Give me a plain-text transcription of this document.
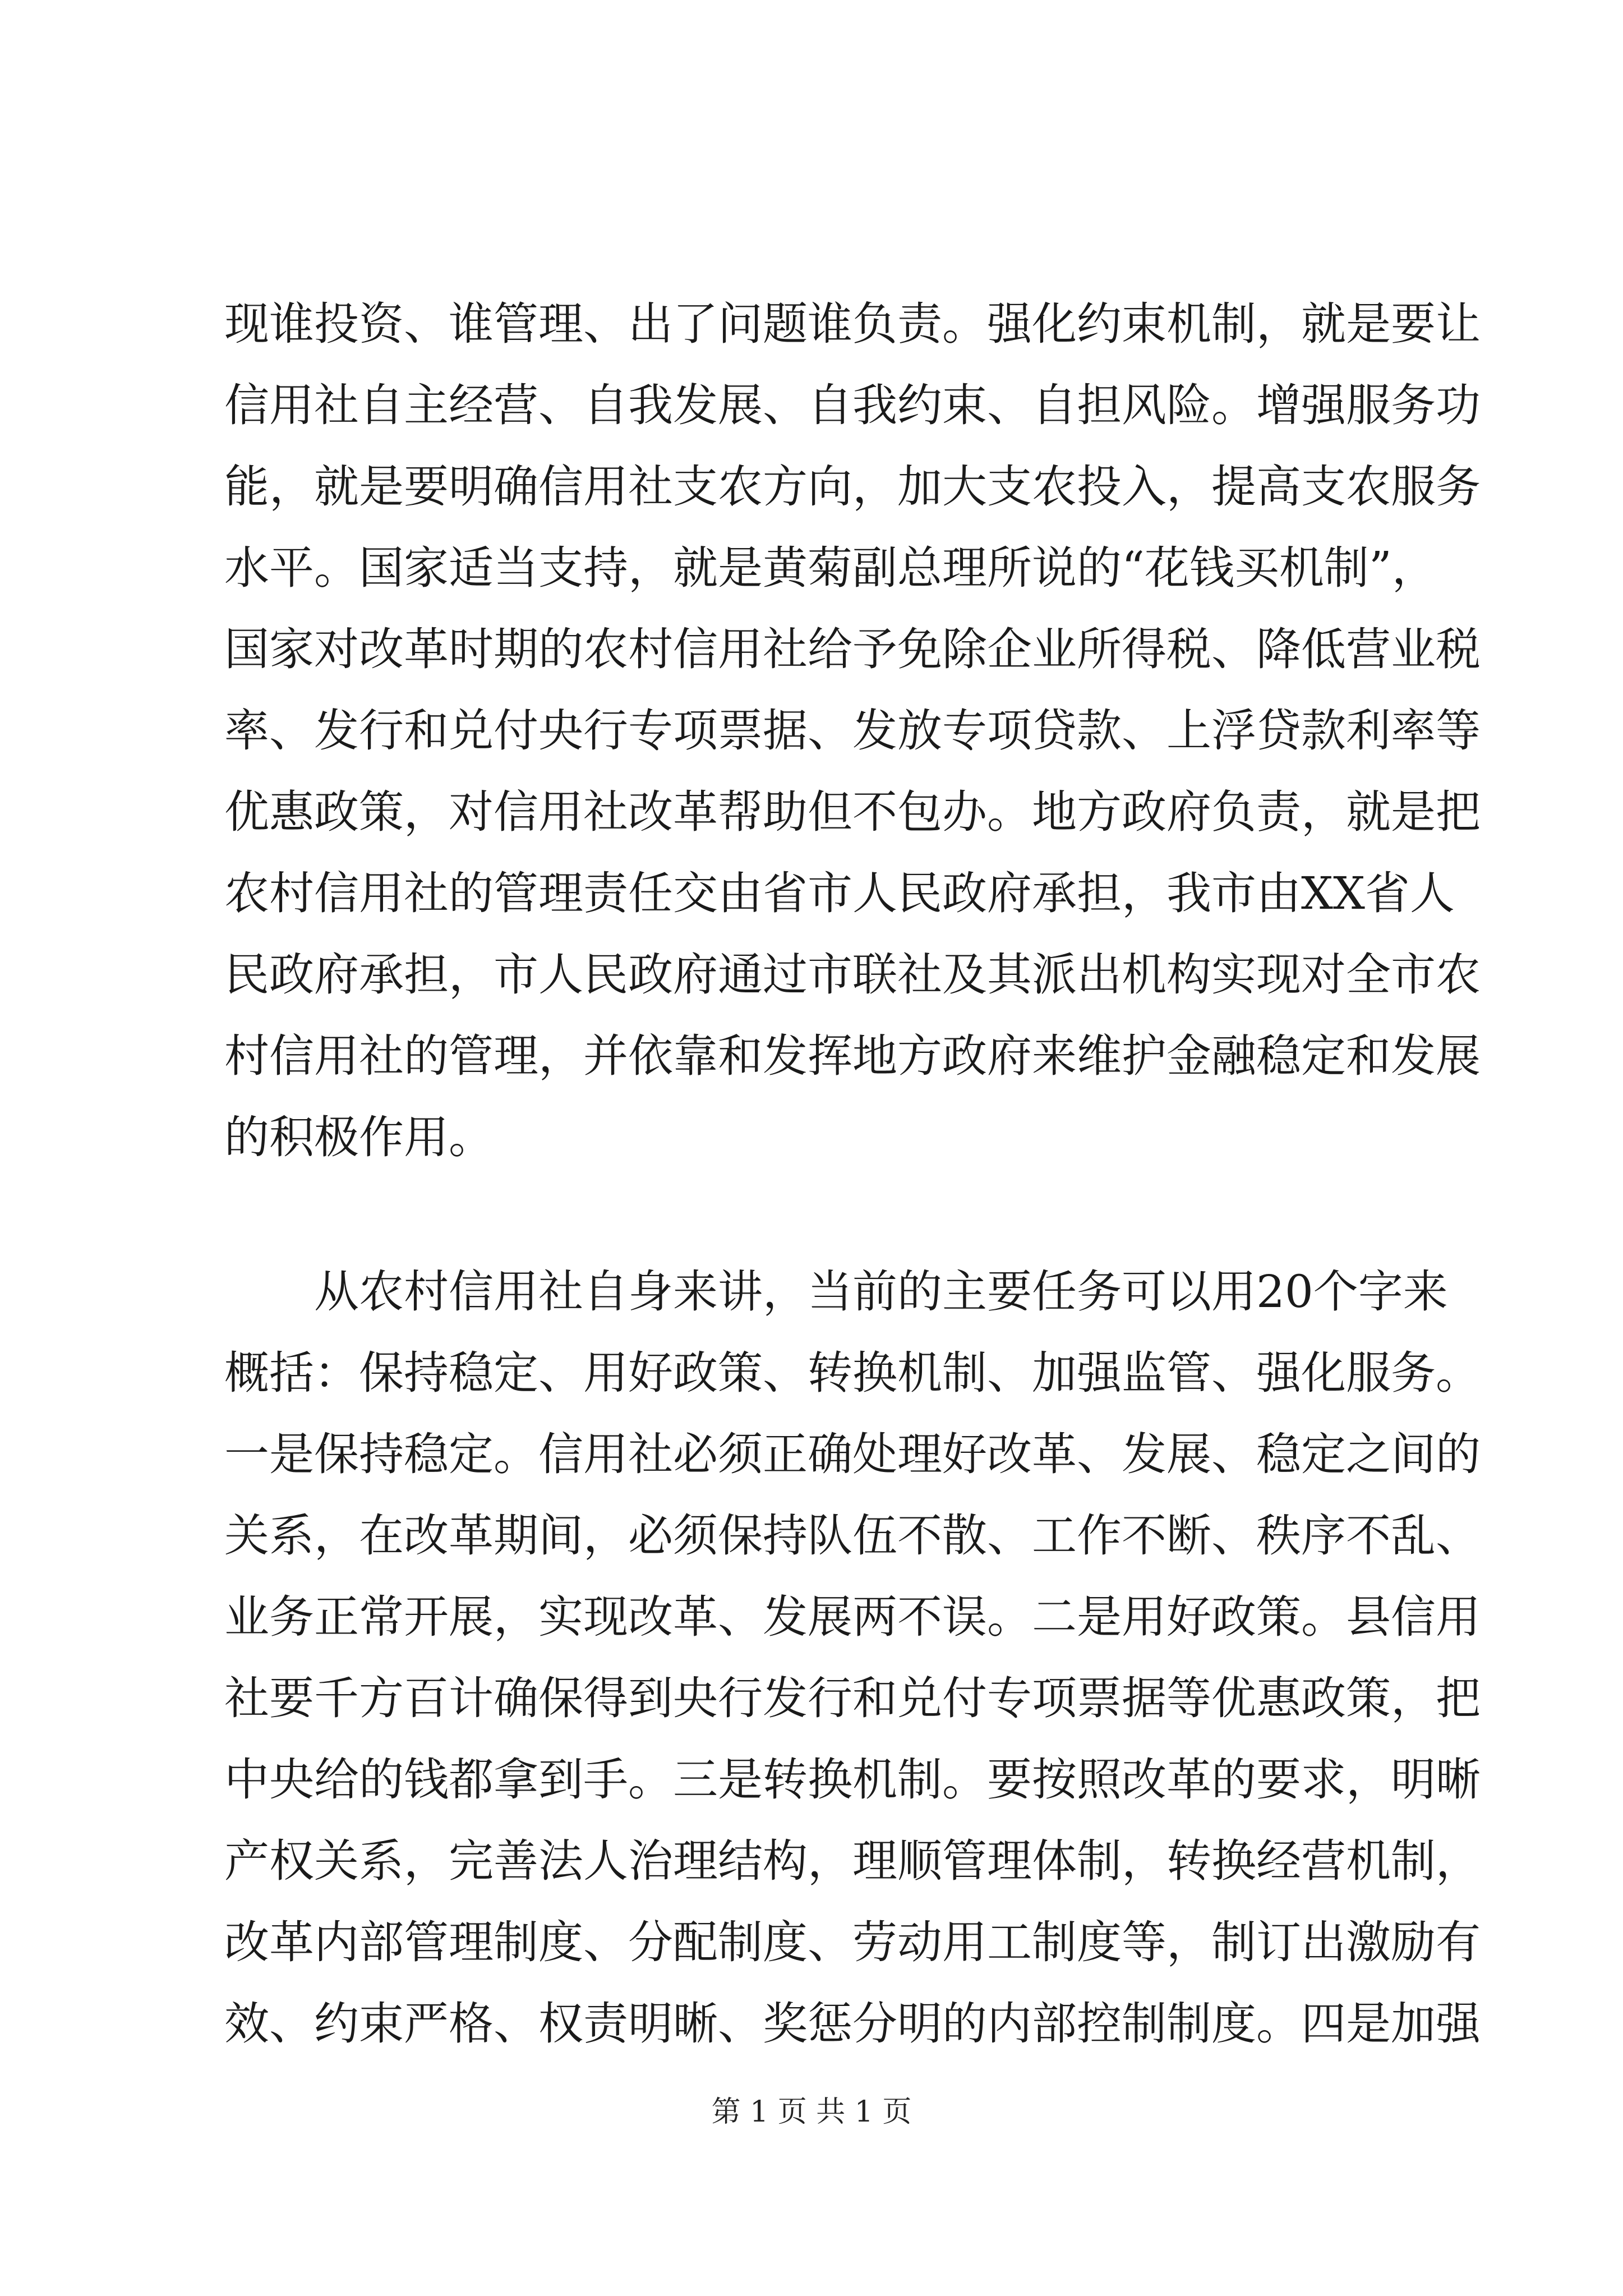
现谁投资、谁管理、出了问题谁负责。强化约束机制，就是要让
信用社自主经营、自我发展、自我约束、自担风险。增强服务功
能，就是要明确信用社支农方向，加大支农投入，提高支农服务
水平。国家适当支持，就是黄菊副总理所说的“花钱买机制”，
国家对改革时期的农村信用社给予免除企业所得税、降低营业税
率、发行和兑付央行专项票据、发放专项贷款、上浮贷款利率等
优惠政策，对信用社改革帮助但不包办。地方政府负责，就是把
农村信用社的管理责任交由省市人民政府承担，我市由XX省人
民政府承担，市人民政府通过市联社及其派出机构实现对全市农
村信用社的管理，并依靠和发挥地方政府来维护金融稳定和发展
的积极作用。
从农村信用社自身来讲，当前的主要任务可以用20个字来
概括：保持稳定、用好政策、转换机制、加强监管、强化服务。
一是保持稳定。信用社必须正确处理好改革、发展、稳定之间的
关系，在改革期间，必须保持队伍不散、工作不断、秩序不乱、
业务正常开展，实现改革、发展两不误。二是用好政策。县信用
社要千方百计确保得到央行发行和兑付专项票据等优惠政策，把
中央给的钱都拿到手。三是转换机制。要按照改革的要求，明晰
产权关系，完善法人治理结构，理顺管理体制，转换经营机制，
改革内部管理制度、分配制度、劳动用工制度等，制订出激励有
效、约束严格、权责明晰、奖惩分明的内部控制制度。四是加强
第 1 页 共 1 页
